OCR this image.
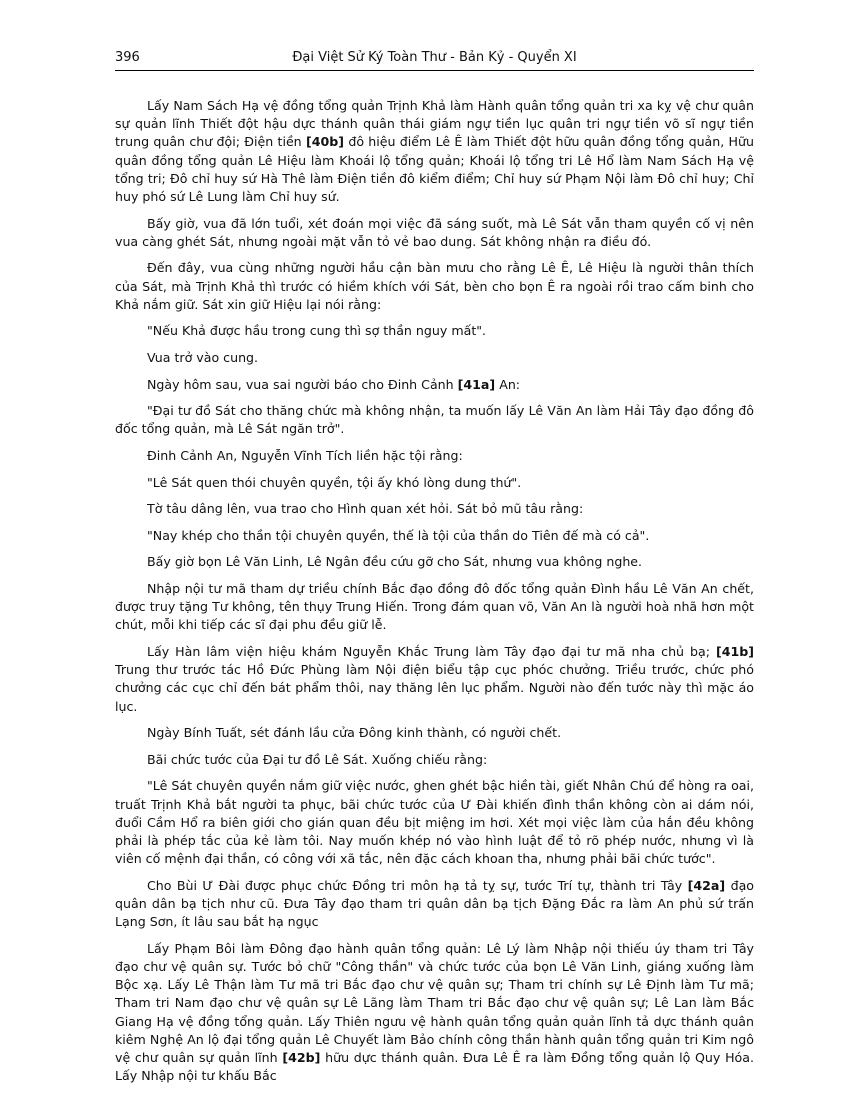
396	Đại Việt Sử Ký Toàn Thư - Bản Kỷ - Quyển XI

Lấy Nam Sách Hạ vệ đồng tổng quản Trịnh Khả làm Hành quân tổng quản tri xa kỵ vệ chư quân sự quản lĩnh Thiết đột hậu dực thánh quân thái giám ngự tiền lục quân tri ngự tiền võ sĩ ngự tiền trung quân chư đội; Điện tiền [40b] đô hiệu điểm Lê Ê làm Thiết đột hữu quân đồng tổng quản, Hữu quân đồng tổng quản Lê Hiệu làm Khoái lộ tổng quản; Khoái lộ tổng tri Lê Hổ làm Nam Sách Hạ vệ tổng tri; Đô chỉ huy sứ Hà Thê làm Điện tiền đô kiểm điểm; Chỉ huy sứ Phạm Nội làm Đô chỉ huy; Chỉ huy phó sứ Lê Lung làm Chỉ huy sứ.

Bấy giờ, vua đã lớn tuổi, xét đoán mọi việc đã sáng suốt, mà Lê Sát vẫn tham quyền cố vị nên vua càng ghét Sát, nhưng ngoài mặt vẫn tỏ vẻ bao dung. Sát không nhận ra điều đó.

Đến đây, vua cùng những người hầu cận bàn mưu cho rằng Lê Ê, Lê Hiệu là người thân thích của Sát, mà Trịnh Khả thì trước có hiềm khích với Sát, bèn cho bọn Ê ra ngoài rồi trao cấm binh cho Khả nắm giữ. Sát xin giữ Hiệu lại nói rằng:

"Nếu Khả được hầu trong cung thì sợ thần nguy mất".

Vua trở vào cung.

Ngày hôm sau, vua sai người báo cho Đinh Cảnh [41a] An:

"Đại tư đồ Sát cho thăng chức mà không nhận, ta muốn lấy Lê Văn An làm Hải Tây đạo đồng đô đốc tổng quản, mà Lê Sát ngăn trở".

Đinh Cảnh An, Nguyễn Vĩnh Tích liền hặc tội rằng:

"Lê Sát quen thói chuyên quyền, tội ấy khó lòng dung thứ".

Tờ tâu dâng lên, vua trao cho Hình quan xét hỏi. Sát bỏ mũ tâu rằng:

"Nay khép cho thần tội chuyên quyền, thế là tội của thần do Tiên đế mà có cả".

Bấy giờ bọn Lê Văn Linh, Lê Ngân đều cứu gỡ cho Sát, nhưng vua không nghe.

Nhập nội tư mã tham dự triều chính Bắc đạo đồng đô đốc tổng quản Đình hầu Lê Văn An chết, được truy tặng Tư không, tên thụy Trung Hiến. Trong đám quan võ, Văn An là người hoà nhã hơn một chút, mỗi khi tiếp các sĩ đại phu đều giữ lễ.

Lấy Hàn lâm viện hiệu khám Nguyễn Khắc Trung làm Tây đạo đại tư mã nha chủ bạ; [41b] Trung thư trước tác Hồ Đức Phùng làm Nội điện biểu tập cục phóc chưởng. Triều trước, chức phó chưởng các cục chỉ đến bát phẩm thôi, nay thăng lên lục phẩm. Người nào đến tước này thì mặc áo lục.

Ngày Bính Tuất, sét đánh lầu cửa Đông kinh thành, có người chết.

Bãi chức tước của Đại tư đồ Lê Sát. Xuống chiếu rằng:

"Lê Sát chuyên quyền nắm giữ việc nước, ghen ghét bậc hiền tài, giết Nhân Chú để hòng ra oai, truất Trịnh Khả bắt người ta phục, bãi chức tước của Ư Đài khiến đình thần không còn ai dám nói, đuổi Cầm Hổ ra biên giới cho gián quan đều bịt miệng im hơi. Xét mọi việc làm của hắn đều không phải là phép tắc của kẻ làm tôi. Nay muốn khép nó vào hình luật để tỏ rõ phép nước, nhưng vì là viên cố mệnh đại thần, có công với xã tắc, nên đặc cách khoan tha, nhưng phải bãi chức tước".

Cho Bùi Ư Đài được phục chức Đồng tri môn hạ tả tỵ sự, tước Trí tự, thành tri Tây [42a] đạo quân dân bạ tịch như cũ. Đưa Tây đạo tham tri quân dân bạ tịch Đặng Đắc ra làm An phủ sứ trấn Lạng Sơn, ít lâu sau bắt hạ ngục

Lấy Phạm Bôi làm Đông đạo hành quân tổng quản: Lê Lý làm Nhập nội thiếu úy tham tri Tây đạo chư vệ quân sự. Tước bỏ chữ "Công thần" và chức tước của bọn Lê Văn Linh, giáng xuống làm Bộc xạ. Lấy Lê Thận làm Tư mã tri Bắc đạo chư vệ quân sự; Tham tri chính sự Lê Định làm Tư mã; Tham tri Nam đạo chư vệ quân sự Lê Lãng làm Tham tri Bắc đạo chư vệ quân sự; Lê Lan làm Bắc Giang Hạ vệ đồng tổng quản. Lấy Thiên ngưu vệ hành quân tổng quản quản lĩnh tả dực thánh quân kiêm Nghệ An lộ đại tổng quản Lê Chuyết làm Bảo chính công thần hành quân tổng quản tri Kim ngô vệ chư quân sự quản lĩnh [42b] hữu dực thánh quân. Đưa Lê Ê ra làm Đồng tổng quản lộ Quy Hóa. Lấy Nhập nội tư khấu Bắc
